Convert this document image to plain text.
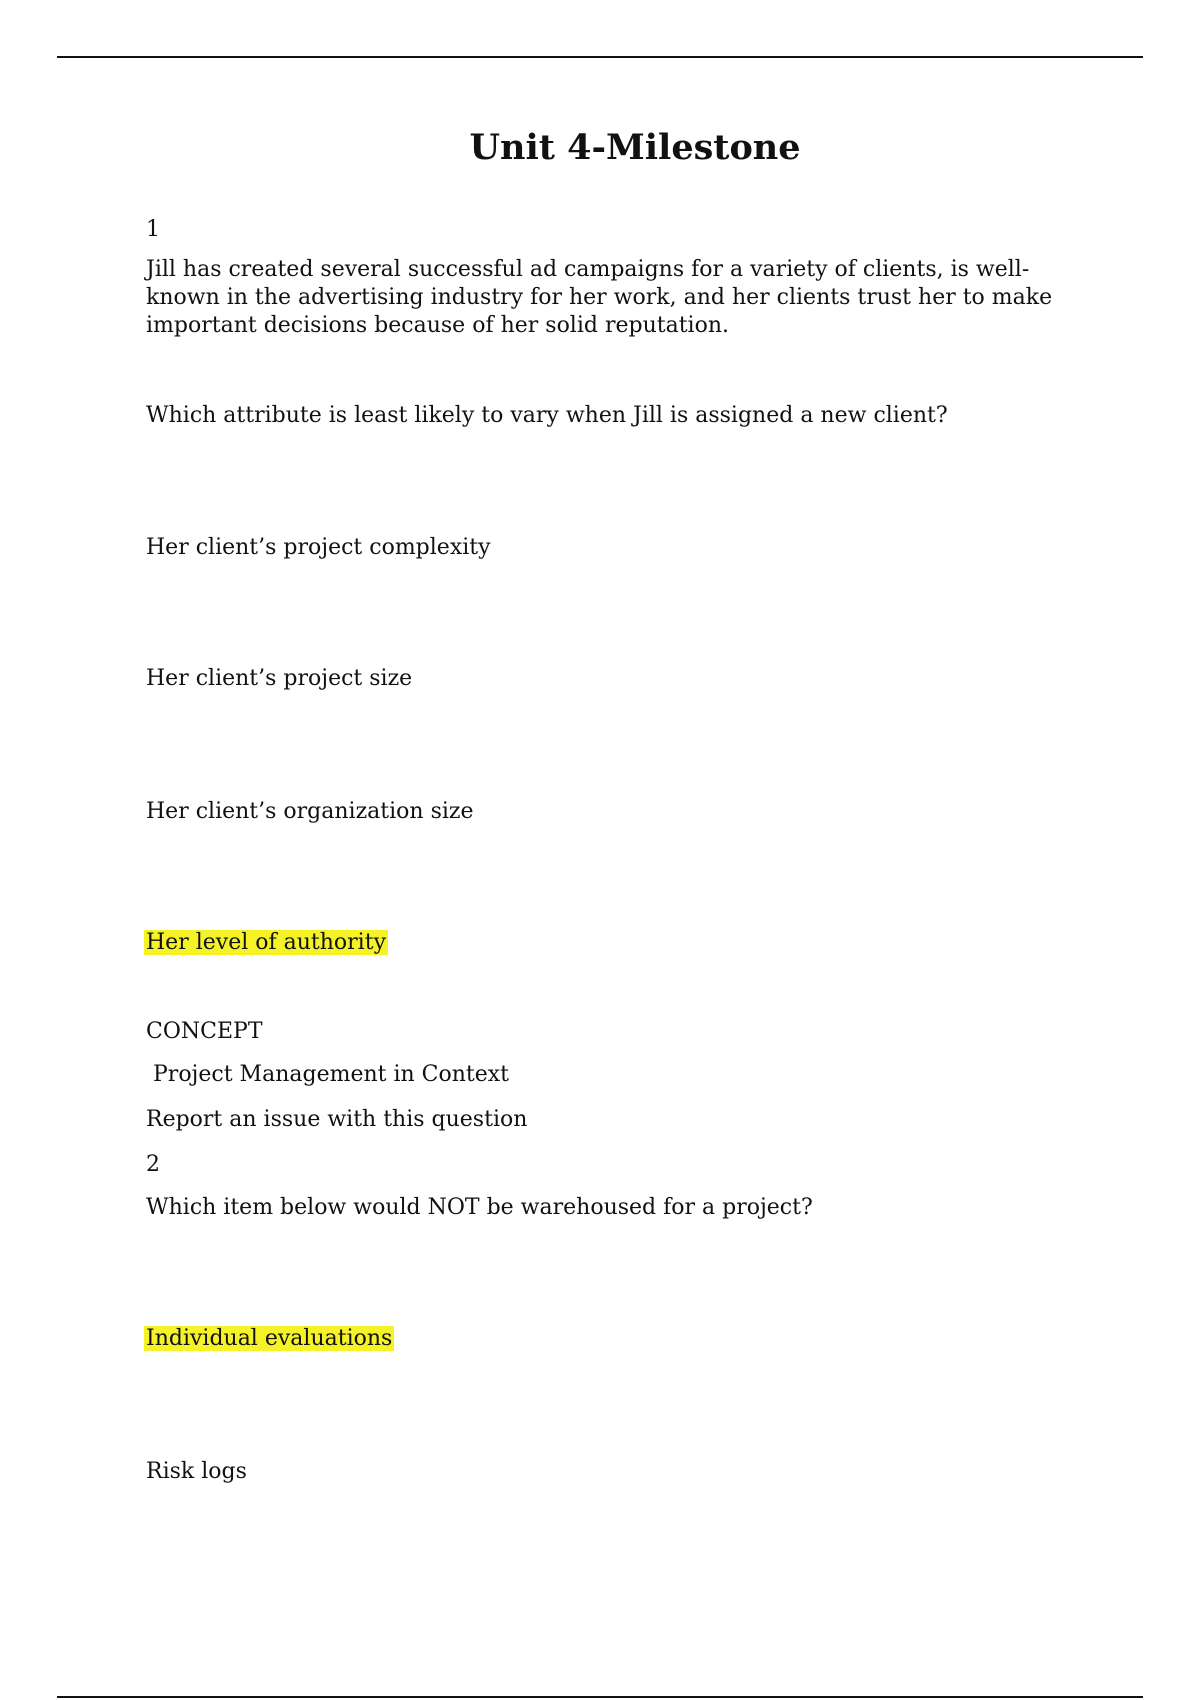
Unit 4-Milestone
1

Jill has created several successful ad campaigns for a variety of clients, is well-
known in the advertising industry for her work, and her clients trust her to make
important decisions because of her solid reputation.

Which attribute is least likely to vary when Jill is assigned a new client?
Her client’s project complexity
Her client’s project size
Her client’s organization size
Her level of authority
CONCEPT
Project Management in Context
Report an issue with this question
2
Which item below would NOT be warehoused for a project?
Individual evaluations
Risk logs
